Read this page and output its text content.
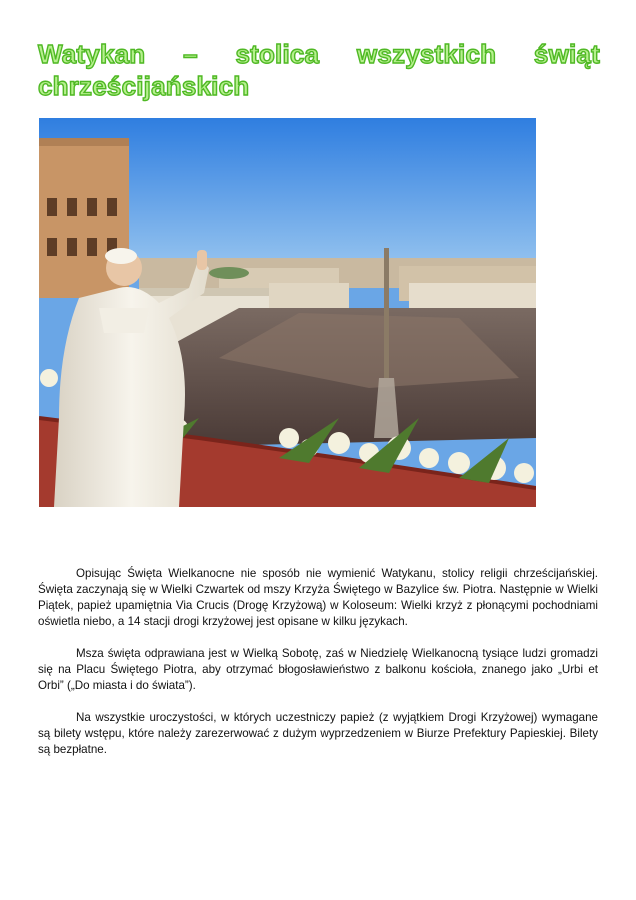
Watykan – stolica wszystkich świąt
chrześcijańskich

Opisując Święta Wielkanocne nie sposób nie wymienić Watykanu, stolicy religii chrześcijańskiej. Święta zaczynają się w Wielki Czwartek od mszy Krzyża Świętego w Bazylice św. Piotra. Następnie w Wielki Piątek, papież upamiętnia Via Crucis (Drogę Krzyżową) w Koloseum: Wielki krzyż z płonącymi pochodniami oświetla niebo, a 14 stacji drogi krzyżowej jest opisane w kilku językach.

Msza święta odprawiana jest w Wielką Sobotę, zaś w Niedzielę Wielkanocną tysiące ludzi gromadzi się na Placu Świętego Piotra, aby otrzymać błogosławieństwo z balkonu kościoła, znanego jako „Urbi et Orbi” („Do miasta i do świata”).

Na wszystkie uroczystości, w których uczestniczy papież (z wyjątkiem Drogi Krzyżowej) wymagane są bilety wstępu, które należy zarezerwować z dużym wyprzedzeniem w Biurze Prefektury Papieskiej. Bilety są bezpłatne.
